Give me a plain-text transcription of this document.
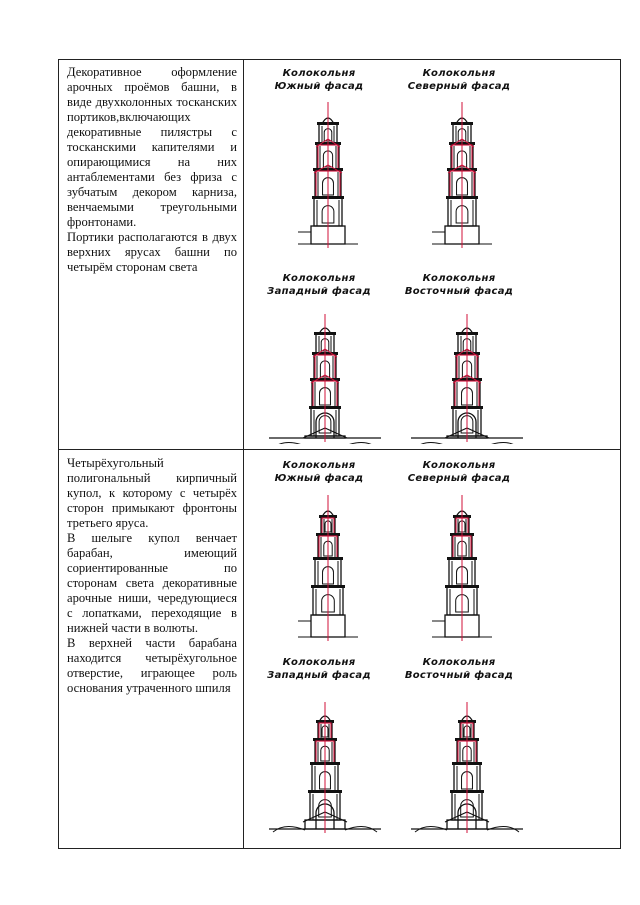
Декоративное оформление арочных проёмов башни, в виде двухколонных тосканских портиков,включающих декоративные пилястры с тосканскими капителями и опирающимися на них антаблементами без фриза с зубчатым декором карниза, венчаемыми треугольными фронтонами.

Портики располагаются в двух верхних ярусах башни по четырём сторонам света

Четырёхугольный полигональный кирпичный купол, к которому с четырёх сторон примыкают фронтоны третьего яруса.

В шелыге купол венчает барабан, имеющий сориентированные по сторонам света декоративные арочные ниши, чередующиеся с лопатками, переходящие в нижней части в волюты.

В верхней части барабана находится четырёхугольное отверстие, играющее роль основания утраченного шпиля

Колокольня
Южный фасад
Колокольня
Северный фасад
Колокольня
Западный фасад
Колокольня
Восточный фасад
Колокольня
Южный фасад
Колокольня
Северный фасад
Колокольня
Западный фасад
Колокольня
Восточный фасад
